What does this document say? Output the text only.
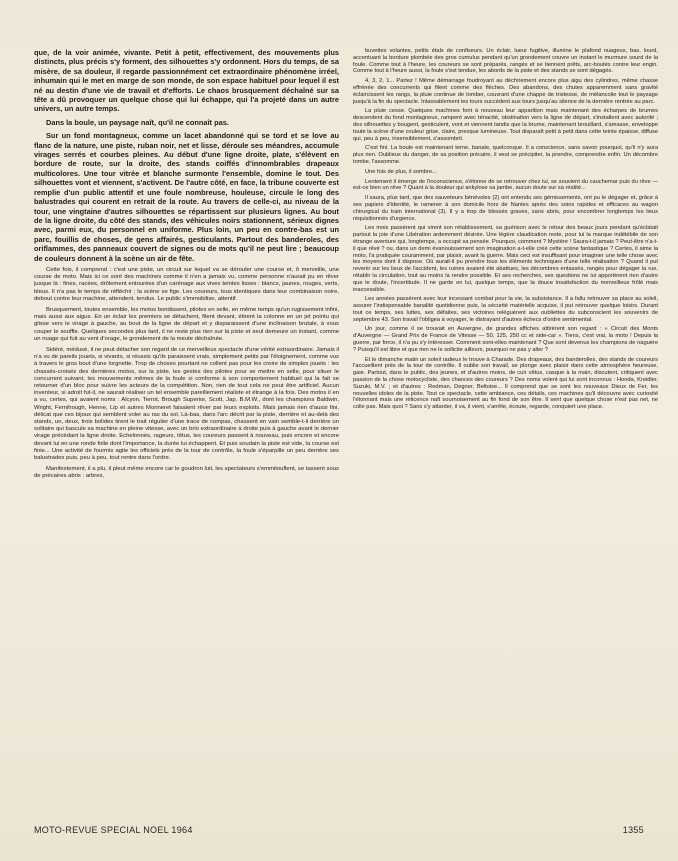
que, de la voir animée, vivante. Petit à petit, effectivement, des mouvements plus distincts, plus précis s'y forment, des silhouettes s'y ordonnent. Hors du temps, de sa misère, de sa douleur, il regarde passionnément cet extraordinaire phénomène irréel, inhumain qui le met en marge de son monde, de son espace habituel pour lequel il est né au destin d'une vie de travail et d'efforts. Le chaos brusquement déchaîné sur sa tête a dû provoquer un quelque chose qui lui échappe, qui l'a projeté dans un autre univers, un autre temps.

Dans la boule, un paysage naît, qu'il ne connaît pas.

Sur un fond montagneux, comme un lacet abandonné qui se tord et se love au flanc de la nature, une piste, ruban noir, net et lisse, déroule ses méandres, accumule virages serrés et courbes pleines. Au début d'une ligne droite, plate, s'élèvent en bordure de route, sur la droite, des stands coiffés d'innombrables drapeaux multicolores. Une tour vitrée et blanche surmonte l'ensemble, domine le tout. Des silhouettes vont et viennent, s'activent. De l'autre côté, en face, la tribune couverte est remplie d'un public attentif et une foule nombreuse, houleuse, circule le long des balustrades qui courent en retrait de la route. Au travers de celle-ci, au niveau de la tour, une vingtaine d'autres silhouettes se répartissent sur plusieurs lignes. Au bout de la ligne droite, du côté des stands, des véhicules noirs stationnent, sérieux dignes avec, parmi eux, du personnel en uniforme. Plus loin, un peu en contre-bas est un parc, fouillis de choses, de gens affairés, gesticulants. Partout des banderoles, des oriflammes, des panneaux couvert de signes ou de mots qu'il ne peut lire ; beaucoup de couleurs donnent à la scène un air de fête.

Cette fois, il comprend : c'est une piste, un circuit sur lequel va se dérouler une course et, ô merveille, une course de moto. Mais ici ce sont des machines comme il n'en a jamais vu, comme personne n'aurait pu en rêver jusque là : fines, racées, drôlement entourées d'un carénage aux vives teintes lisses : blancs, jaunes, rouges, verts, bleus. Il n'a pas le temps de réfléchir ; la scène se fige. Les coureurs, tous identiques dans leur combinaison noire, debout contre leur machine, attendent, tendus. Le public s'immobilise, attentif.

Brusquement, toutes ensemble, les motos bondissent, pilotes en selle, en même temps qu'un rugissement infini, mais aussi aux aigus. En un éclair les premiers se détachent, filent devant, étirent la colonne en un jet pointu qui glisse vers le virage à gauche, au bout de la ligne de départ et y disparaissent d'une inclinaison brutale, à vous couper le souffle. Quelques secondes plus tard, il ne reste plus rien sur la piste et seul demeure un instant, comme un nuage qui fuit au vent d'orage, le grondement de la meute déchaînée.

Sidéré, médusé, il ne peut détacher son regard de ce merveilleux spectacle d'une vérité extraordinaire. Jamais il n'a vu de pareils jouets, si vivants, si réussis qu'ils paraissent vrais, simplement petits par l'éloignement, comme vus à travers le gros bout d'une lorgnette. Trop de choses pourtant ne collent pas pour les croire de simples jouets : les chassés-croisés des dernières motos, sur la piste, les gestes des pilotes pour se mettre en selle, pour situer le concurrent suivant, les mouvements mêmes de la foule si conforme à son comportement habituel qui la fait se retourner d'un bloc pour suivre les acteurs de la compétition. Non, rien de tout cela ne peut être artificiel. Aucun inventeur, si adroit fut-il, ne saurait réaliser un tel ensemble pareillement réaliste et étrange à la fois. Des motos il en a vu, certes, qui avaient noms : Alcyon, Terrot, Brough Superior, Scott, Jap, B.M.W., dont les champions Baldwin, Wright, Fernihough, Henne, Lip et autres Monneret faisaient rêver par leurs exploits. Mais jamais rien d'aussi fini, délicat que ces bijoux qui semblent voler au ras du sol. Là-bas, dans l'arc décrit par la piste, derrière et au-delà des stands, un, deux, trois bolides tirent le trait régulier d'une trace de compas, chassent en vain semble-t-il derrière un solitaire qui bascule sa machine en pleine vitesse, avec un brio extraordinaire à droite puis à gauche avant le dernier virage précédant la ligne droite. Echelonnés, rageurs, têtus, les coureurs passent à nouveau, puis encore et encore devant lui en une ronde folle dont l'importance, la durée lui échappent. Et puis soudain la piste est vide, la course est finie... Une activité de fourmis agite les officiels près de la tour de contrôle, la foule s'éparpille un peu derrière ses balustrades puis, peu à peu, tout rentre dans l'ordre.

Manifestement, il a plu, il pleut même encore car le goudron luit, les spectateurs s'emmitouflent, se tassent sous de précaires abris : arbres,

buvettes volantes, petits étals de confiseurs. Un éclair, lueur fugitive, illumine le plafond nuageux, bas, lourd, accentuant la bordure plombée des gros cumulus pendant qu'un grondement couvre un instant le murmure sourd de la foule. Comme tout à l'heure, les coureurs se sont préparés, rangés et se tiennent prêts, arc-boutés contre leur engin. Comme tout à l'heure aussi, la foule s'est tendue, les abords de la piste et des stands se sont dégagés.

4, 3, 2, 1... Partez ! Même démarrage foudroyant au déchirement encore plus aigu des cylindres, même chasse effrénée des concurrents qui filent comme des flèches. Des abandons, des chutes apparemment sans gravité éclaircissent les rangs, la pluie continue de tomber, couvrant d'une chappe de tristesse, de mélancolie tout le paysage jusqu'à la fin du spectacle. Inlassablement les tours succèdent aux tours jusqu'au silence de la dernière rentrée au parc.

La pluie cesse. Quelques machines font à nouveau leur apparition mais maintenant des écharpes de brumes descendent du fond montagneux, rampent avec ténacité, obstination vers la ligne de départ, s'installent avec autorité ; des silhouettes y bougent, gesticulent, vont et viennent tandis que la brume, maintenant brouillard, s'amasse, enveloppe toute la scène d'une couleur grise, claire, presque lumineuse. Tout disparaît petit à petit dans cette teinte épaisse, diffuse qui, peu à peu, insensiblement, s'assombrit.

C'est fini. La boule est maintenant terne, banale, quelconque. Il a conscience, sans savoir pourquoi, qu'il n'y aura plus rien. Oublieux du danger, de sa position précaire, il veut se précipiter, la prendre, comprendre enfin. Un décombre tombe, l'assomme.

Une fois de plus, il sombre...

Lentement il émerge de l'inconscience, s'étonne de se retrouver chez lui, se souvient du cauchemar puis du rêve — est-ce bien un rêve ? Quant à la douleur qui ankylose sa jambe, aucun doute sur sa réalité...

Il saura, plus tard, que des sauveteurs bénévoles (2) ont entendu ses gémissements, ont pu le dégager et, grâce à ses papiers d'identité, le ramener à son domicile hors de Nantes après des soins rapides et efficaces au wagon chirurgical du train international (3). Il y a trop de blessés graves, sans abris, pour encombrer longtemps les lieux réquisitionnés d'urgence.

Les mois passèrent qui virent son rétablissement, sa guérison avec le retour des beaux jours pendant qu'éclatait partout la joie d'une Libération ardemment désirée. Une légère claudication reste, pour lui la marque indélébile de son étrange aventure qui, longtemps, a occupé sa pensée. Pourquoi, comment ? Mystère ! Saura-t-il jamais ? Peut-être n'a-t-il que rêvé ? ou, dans un demi évanouissement son imagination a-t-elle créé cette scène fantastique ? Certes, il aime la moto, l'a pratiquée couramment, par plaisir, avant la guerre. Mais ceci est insuffisant pour imaginer une telle chose avec les moyens dont il dispose. Où aurait-il pu prendre tous les éléments techniques d'une telle réalisation ? Quand il put revenir sur les lieux de l'accident, les ruines avaient été abattues, les décombres entassés, rangés pour dégager la rue, rétablir la circulation, tout au moins la rendre possible. Et ses recherches, ses questions ne lui apportèrent rien d'autre que le doute, l'incertitude. Il ne garde en lui, quelque temps, que la douce insatisfaction du merveilleux frôlé mais inaccessible.

Les années passèrent avec leur incessant combat pour la vie, la subsistance. Il a fallu retrouver sa place au soleil, assurer l'indispensable banalité quotidienne puis, la sécurité matérielle acquise, il put retrouver quelque loisirs. Durant tout ce temps, ses luttes, ses défaites, ses victoires reléguèrent aux oubliettes du subconscient les souvenirs de septembre 43. Son travail l'obligea à voyager, le distrayant d'autres échecs d'ordre sentimental.

Un jour, comme il se trouvait en Auvergne, de grandes affiches attirèrent son regard : « Circuit des Monts d'Auvergne — Grand Prix de France de Vitesse — 50, 125, 250 cc et side-car ». Tiens, c'est vrai, la moto ! Depuis la guerre, par force, il n'a pu s'y intéresser. Comment sont-elles maintenant ? Que sont devenus les champions de naguère ? Puisqu'il est libre et que rien ne le sollicite ailleurs, pourquoi ne pas y aller ?

Et le dimanche matin un soleil radieux le trouve à Charade. Des drapeaux, des banderolles, des stands de coureurs l'accueillent près de la tour de contrôle. Il oublie son travail, se plonge avec plaisir dans cette atmosphère heureuse, gaie. Partout, dans le public, des jeunes, et d'autres moins, de cuir vêtus, casque à la main, discutent, critiquent avec passion de la chose motocycliste, des chances des coureurs ? Des noms volent qui lui sont inconnus : Honda, Kreidler, Suzuki, M.V. ; et d'autres : Redman, Degner, Beltoise... Il comprend que se sont les nouveaux Dieux de Fer, les nouvelles idoles de la piste. Tout ce spectacle, cette ambiance, ces détails, ces machines qu'il découvre avec curiosité l'étonnant mais une réticence naît sournoisement au fin fond de son être. Il sent que quelque chose n'est pas net, ne colle pas. Mais quoi ? Sans s'y attarder, il va, il vient, s'arrête, écoute, regarde, conquiert une place.

MOTO-REVUE SPECIAL NOEL 1964	1355
